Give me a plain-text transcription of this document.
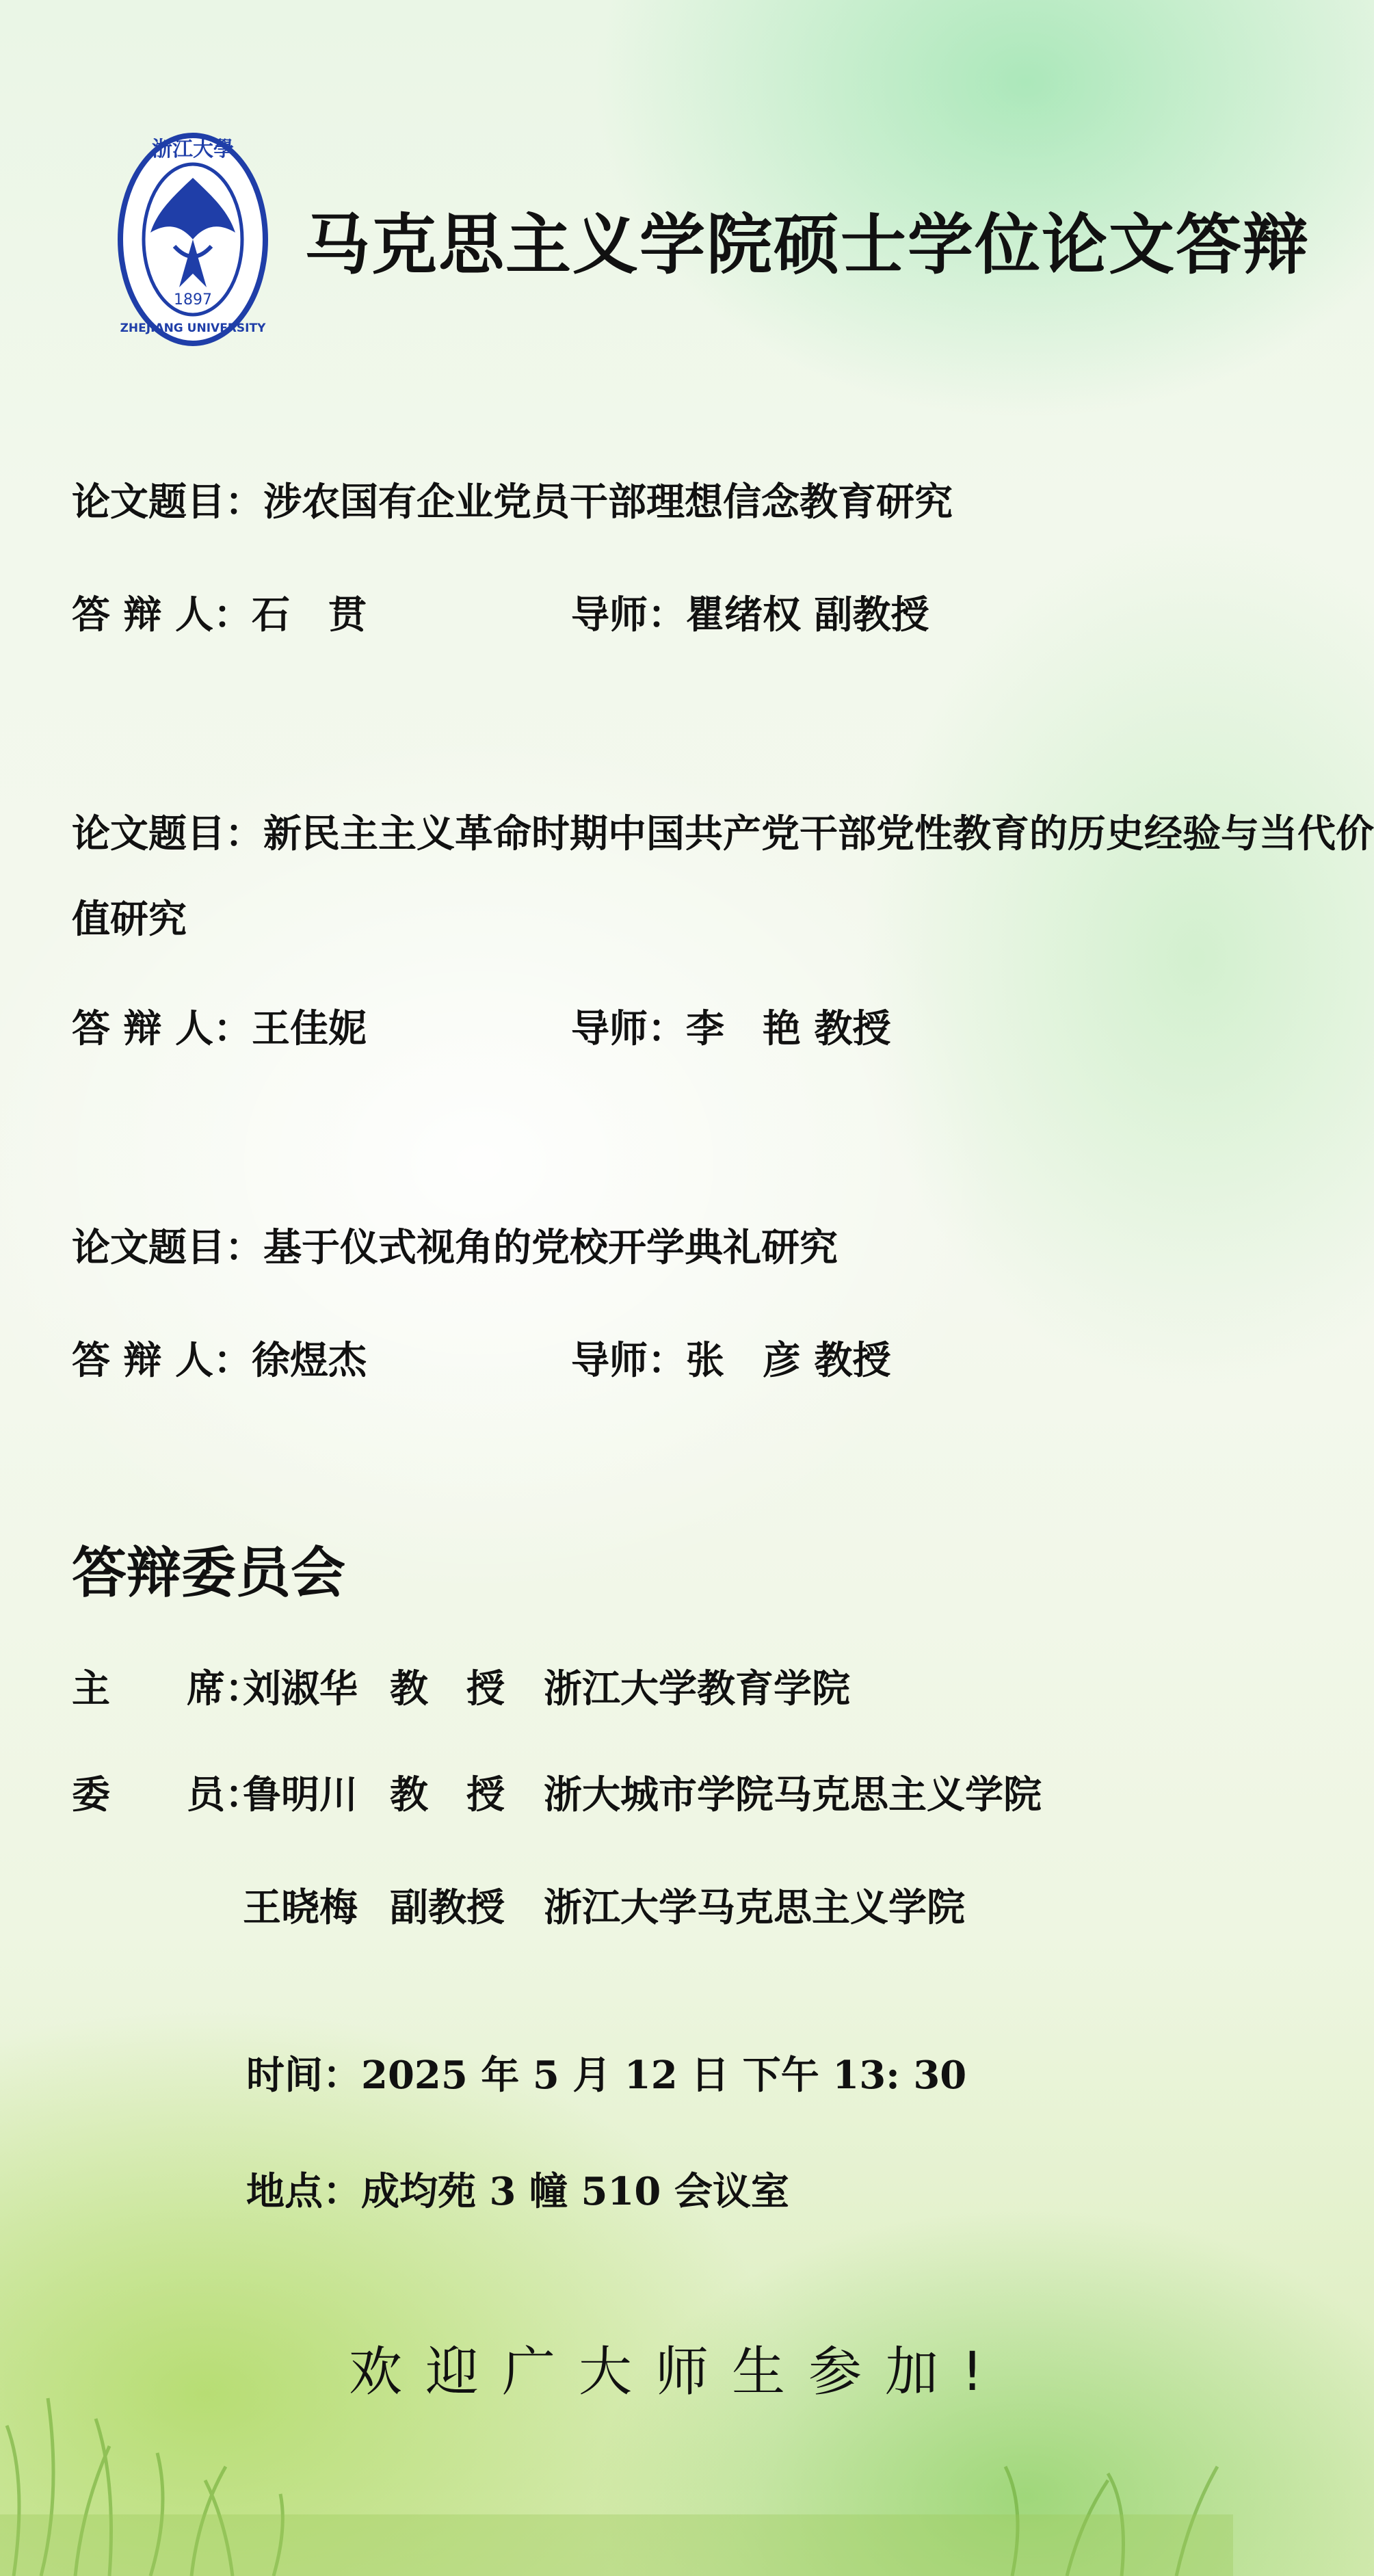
浙江大學
1897
ZHEJIANG UNIVERSITY
马克思主义学院硕士学位论文答辩
论文题目：涉农国有企业党员干部理想信念教育研究
答 辩 人：石　贯	导师：瞿绪权 副教授
论文题目：新民主主义革命时期中国共产党干部党性教育的历史经验与当代价
值研究
答 辩 人：王佳妮	导师：李　艳 教授
论文题目：基于仪式视角的党校开学典礼研究
答 辩 人：徐煜杰	导师：张　彦 教授
答辩委员会
主　　席：
刘淑华 教　授 浙江大学教育学院
委　　员：
鲁明川 教　授 浙大城市学院马克思主义学院
王晓梅 副教授 浙江大学马克思主义学院
时间：2025 年 5 月 12 日 下午 13: 30
地点：成均苑 3 幢 510 会议室
欢迎广大师生参加!
